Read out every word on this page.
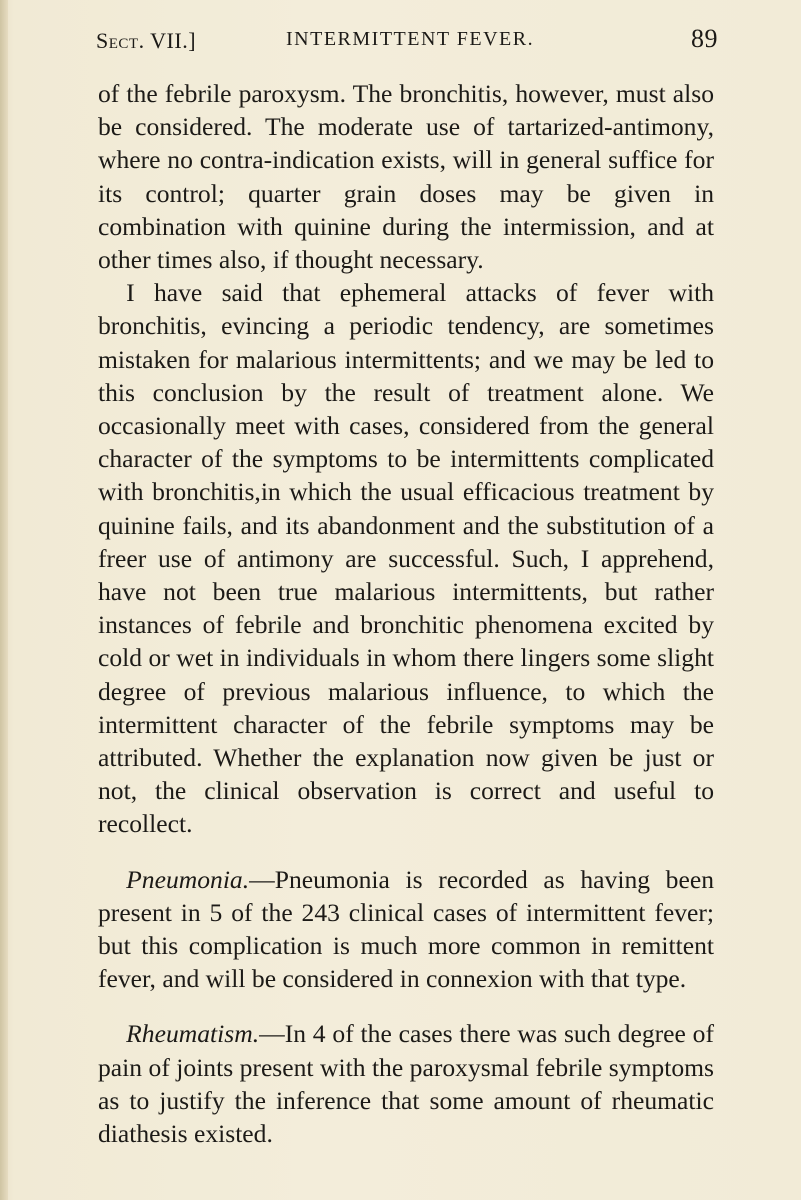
Sect. VII.]	INTERMITTENT FEVER.	89

of the febrile paroxysm. The bronchitis, however, must also be considered. The moderate use of tartarized-antimony, where no contra-indication exists, will in general suffice for its control; quarter grain doses may be given in combination with quinine during the intermission, and at other times also, if thought necessary.

I have said that ephemeral attacks of fever with bronchitis, evincing a periodic tendency, are sometimes mistaken for malarious intermittents; and we may be led to this conclusion by the result of treatment alone. We occasionally meet with cases, considered from the general character of the symptoms to be intermittents complicated with bronchitis,in which the usual efficacious treatment by quinine fails, and its abandonment and the substitution of a freer use of antimony are successful. Such, I apprehend, have not been true malarious intermittents, but rather instances of febrile and bronchitic phenomena excited by cold or wet in individuals in whom there lingers some slight degree of previous malarious influence, to which the intermittent character of the febrile symptoms may be attributed. Whether the explanation now given be just or not, the clinical observation is correct and useful to recollect.

Pneumonia.—Pneumonia is recorded as having been present in 5 of the 243 clinical cases of intermittent fever; but this complication is much more common in remittent fever, and will be considered in connexion with that type.

Rheumatism.—In 4 of the cases there was such degree of pain of joints present with the paroxysmal febrile symptoms as to justify the inference that some amount of rheumatic diathesis existed.
